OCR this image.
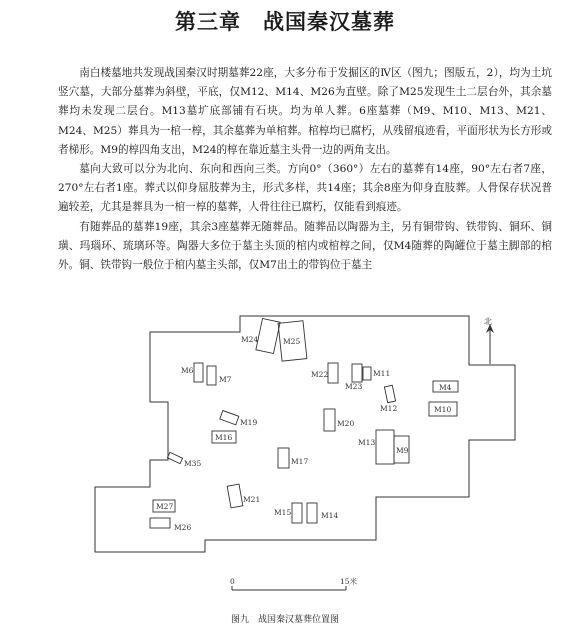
第三章　战国秦汉墓葬

南白楼墓地共发现战国秦汉时期墓葬22座，大多分布于发掘区的Ⅳ区（图九；图版五，2），均为土坑竖穴墓，大部分墓葬为斜壁，平底，仅M12、M14、M26为直壁。除了M25发现生土二层台外，其余墓葬均未发现二层台。M13墓圹底部铺有石块。均为单人葬。6座墓葬（M9、M10、M13、M21、M24、M25）葬具为一棺一椁，其余墓葬为单棺葬。棺椁均已腐朽，从残留痕迹看，平面形状为长方形或者梯形。M9的椁四角支出，M24的椁在靠近墓主头骨一边的两角支出。

墓向大致可以分为北向、东向和西向三类。方向0°（360°）左右的墓葬有14座，90°左右者7座，270°左右者1座。葬式以仰身屈肢葬为主，形式多样，共14座；其余8座为仰身直肢葬。人骨保存状况普遍较差，尤其是葬具为一棺一椁的墓葬，人骨往往已腐朽，仅能看到痕迹。

有随葬品的墓葬19座，其余3座墓葬无随葬品。随葬品以陶器为主，另有铜带钩、铁带钩、铜环、铜璜、玛瑙环、琉璃环等。陶器大多位于墓主头顶的棺内或棺椁之间，仅M4随葬的陶罐位于墓主脚部的棺外。铜、铁带钩一般位于棺内墓主头部，仅M7出土的带钩位于墓主

北
M24	M25
M6
M7
M22
M23
M11
M12
M4
M10
M19
M16
M20
M13
M9
M35	M17
M21
M27
M26
M15	M14
0	15米
图九　战国秦汉墓葬位置图
